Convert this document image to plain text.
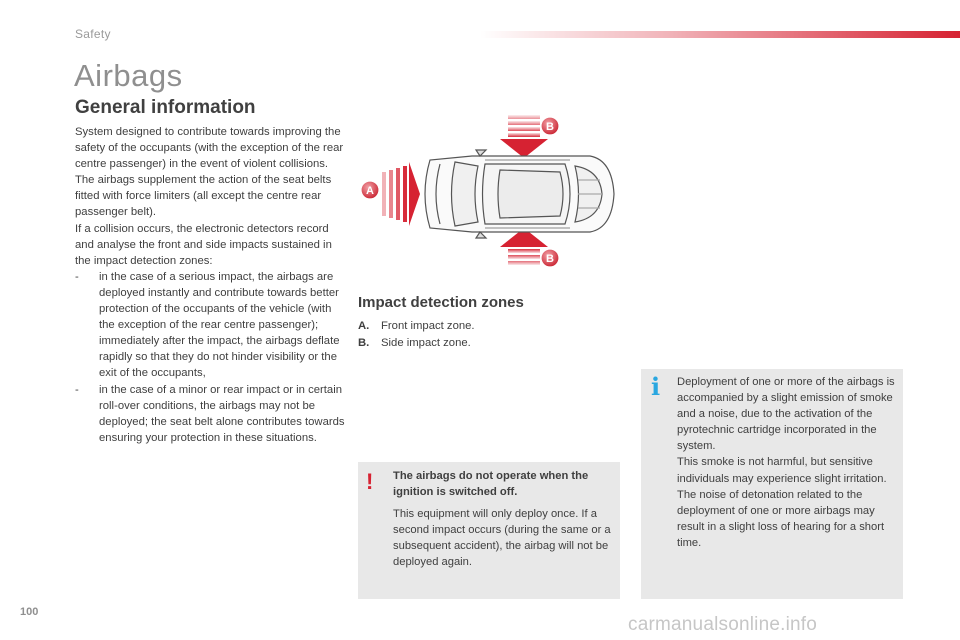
Safety
Airbags
General information

System designed to contribute towards improving the safety of the occupants (with the exception of the rear centre passenger) in the event of violent collisions. The airbags supplement the action of the seat belts fitted with force limiters (all except the centre rear passenger belt).

If a collision occurs, the electronic detectors record and analyse the front and side impacts sustained in the impact detection zones:

- in the case of a serious impact, the airbags are deployed instantly and contribute towards better protection of the occupants of the vehicle (with the exception of the rear centre passenger); immediately after the impact, the airbags deflate rapidly so that they do not hinder visibility or the exit of the occupants,
- in the case of a minor or rear impact or in certain roll-over conditions, the airbags may not be deployed; the seat belt alone contributes towards ensuring your protection in these situations.
A
B
B
Impact detection zones
A. Front impact zone.
B. Side impact zone.
! The airbags do not operate when the ignition is switched off.
This equipment will only deploy once. If a second impact occurs (during the same or a subsequent accident), the airbag will not be deployed again.
i Deployment of one or more of the airbags is accompanied by a slight emission of smoke and a noise, due to the activation of the pyrotechnic cartridge incorporated in the system.
This smoke is not harmful, but sensitive individuals may experience slight irritation.
The noise of detonation related to the deployment of one or more airbags may result in a slight loss of hearing for a short time.
100
carmanualsonline.info
